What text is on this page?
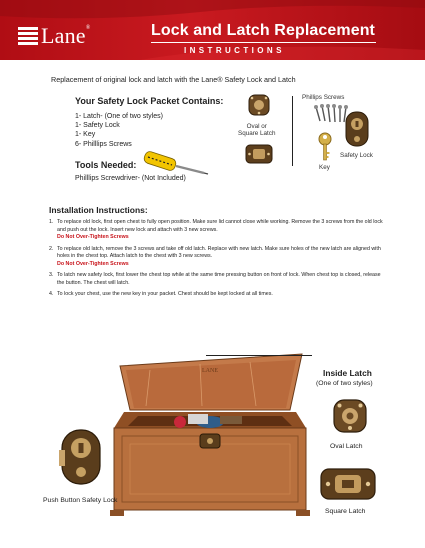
Lane®	Lock and Latch Replacement
INSTRUCTIONS
Replacement of original lock and latch with the Lane® Safety Lock and Latch
Your Safety Lock Packet Contains:
1- Latch- (One of two styles)
1- Safety Lock
1- Key
6- Philllips Screws
Tools Needed:
Philllips Screwdriver- (Not Included)
Oval or
Square Latch
Phillips Screws
Key
Safety Lock
Installation Instructions:
1. To replace old lock, first open chest to fully open position. Make sure lid cannot close while working. Remove the 3 screws from the old lock and push out the lock. Insert new lock and attach with 3 new screws.
Do Not Over-Tighten Screws
2. To replace old latch, remove the 3 screws and take off old latch. Replace with new latch. Make sure holes of the new latch are aligned with holes in the chest top. Attach latch to the chest with 3 new screws.
Do Not Over-Tighten Screws
3. To latch new safety lock, first lower the chest top while at the same time pressing button on front of lock. When chest top is closed, release the button. The chest will latch.
4. To lock your chest, use the new key in your packet. Chest should be kept locked at all times.
LANE	Inside Latch
(One of two styles)
Oval Latch
Square Latch
Push Button Safety Lock
